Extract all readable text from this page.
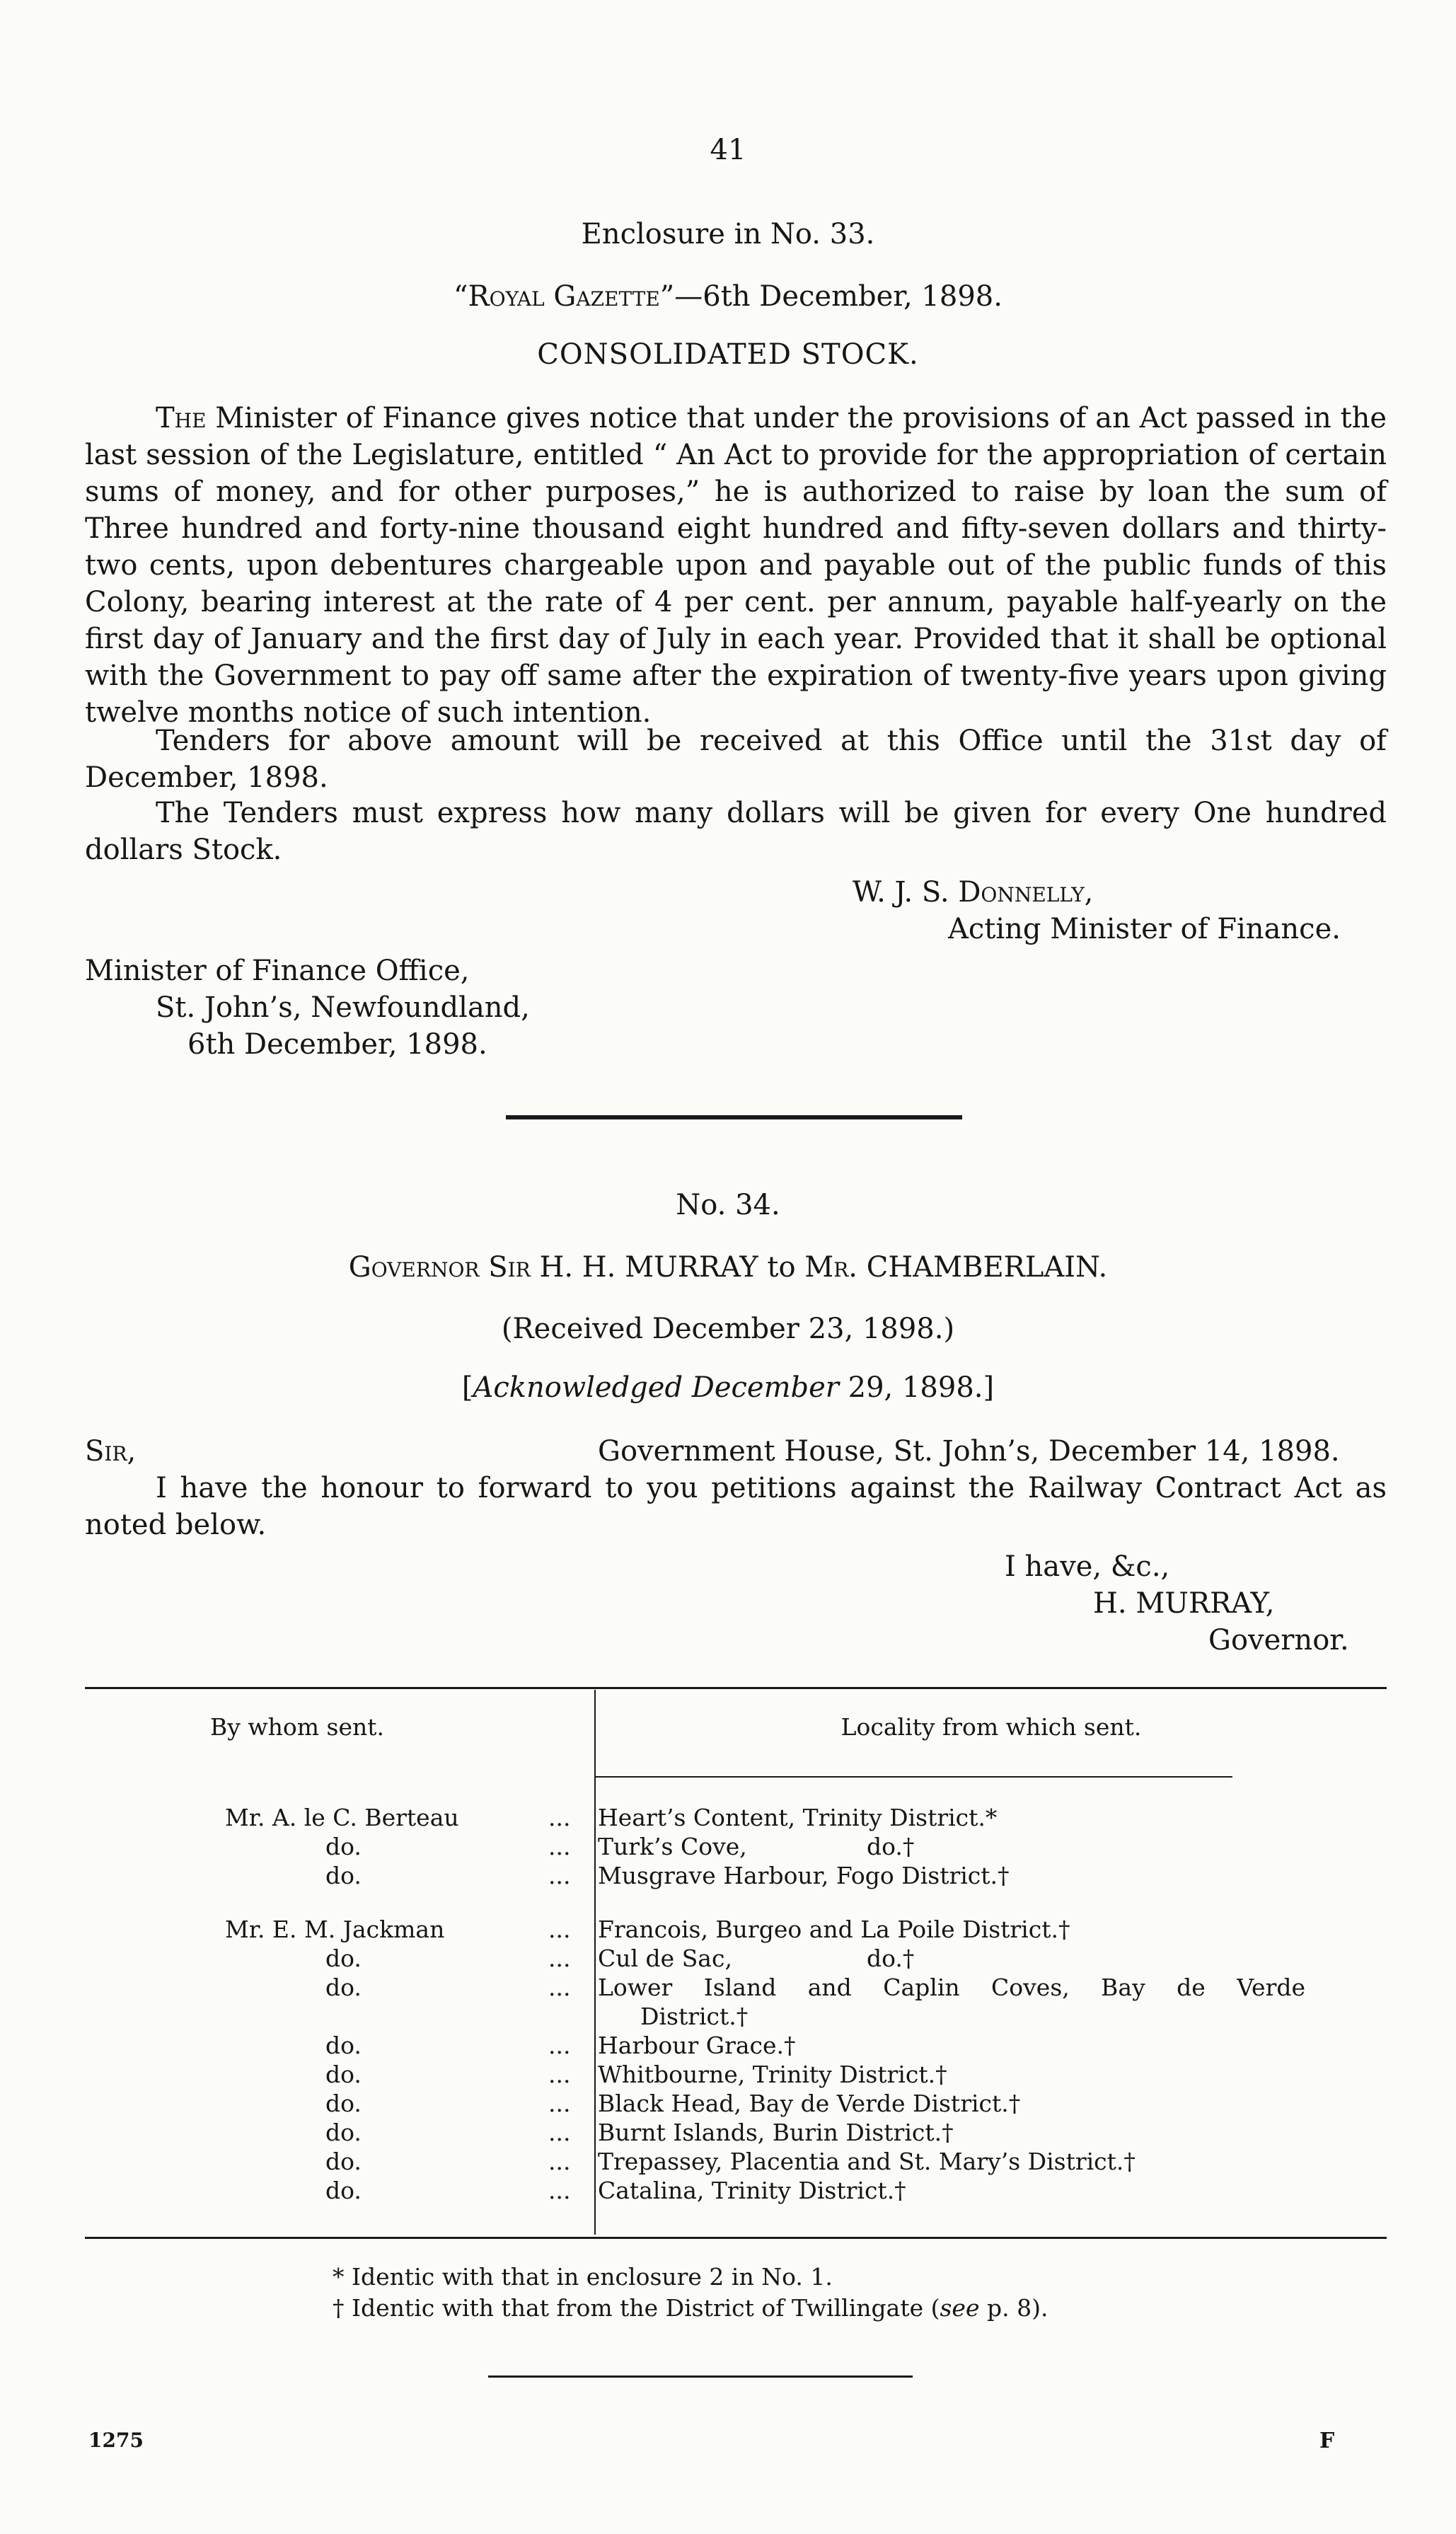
41
Enclosure in No. 33.
“Royal Gazette”—6th December, 1898.
CONSOLIDATED STOCK.

The Minister of Finance gives notice that under the provisions of an Act passed in the last session of the Legislature, entitled “ An Act to provide for the appropriation of certain sums of money, and for other purposes,” he is authorized to raise by loan the sum of Three hundred and forty-nine thousand eight hundred and fifty-seven dollars and thirty-two cents, upon debentures chargeable upon and payable out of the public funds of this Colony, bearing interest at the rate of 4 per cent. per annum, payable half-yearly on the first day of January and the first day of July in each year. Provided that it shall be optional with the Government to pay off same after the expiration of twenty-five years upon giving twelve months notice of such intention.

Tenders for above amount will be received at this Office until the 31st day of December, 1898.

The Tenders must express how many dollars will be given for every One hundred dollars Stock.

W. J. S. Donnelly,
Acting Minister of Finance.
Minister of Finance Office,
St. John’s, Newfoundland,
6th December, 1898.
No. 34.
Governor Sir H. H. MURRAY to Mr. CHAMBERLAIN.
(Received December 23, 1898.)
[Acknowledged December 29, 1898.]
Sir,	Government House, St. John’s, December 14, 1898.

I have the honour to forward to you petitions against the Railway Contract Act as noted below.

I have, &c.,
H. MURRAY,
Governor.
By whom sent.	Locality from which sent.
Mr. A. le C. Berteau	... Heart’s Content, Trinity District.*
do.	... Turk’s Cove,	do.†
do.	... Musgrave Harbour, Fogo District.†
Mr. E. M. Jackman	... Francois, Burgeo and La Poile District.†
do.	... Cul de Sac,	do.†
do.	... Lower Island and Caplin Coves, Bay de Verde
District.†
do.	... Harbour Grace.†
do.	... Whitbourne, Trinity District.†
do.	... Black Head, Bay de Verde District.†
do.	... Burnt Islands, Burin District.†
do.	... Trepassey, Placentia and St. Mary’s District.†
do.	... Catalina, Trinity District.†
* Identic with that in enclosure 2 in No. 1.
† Identic with that from the District of Twillingate (see p. 8).
1275	F
